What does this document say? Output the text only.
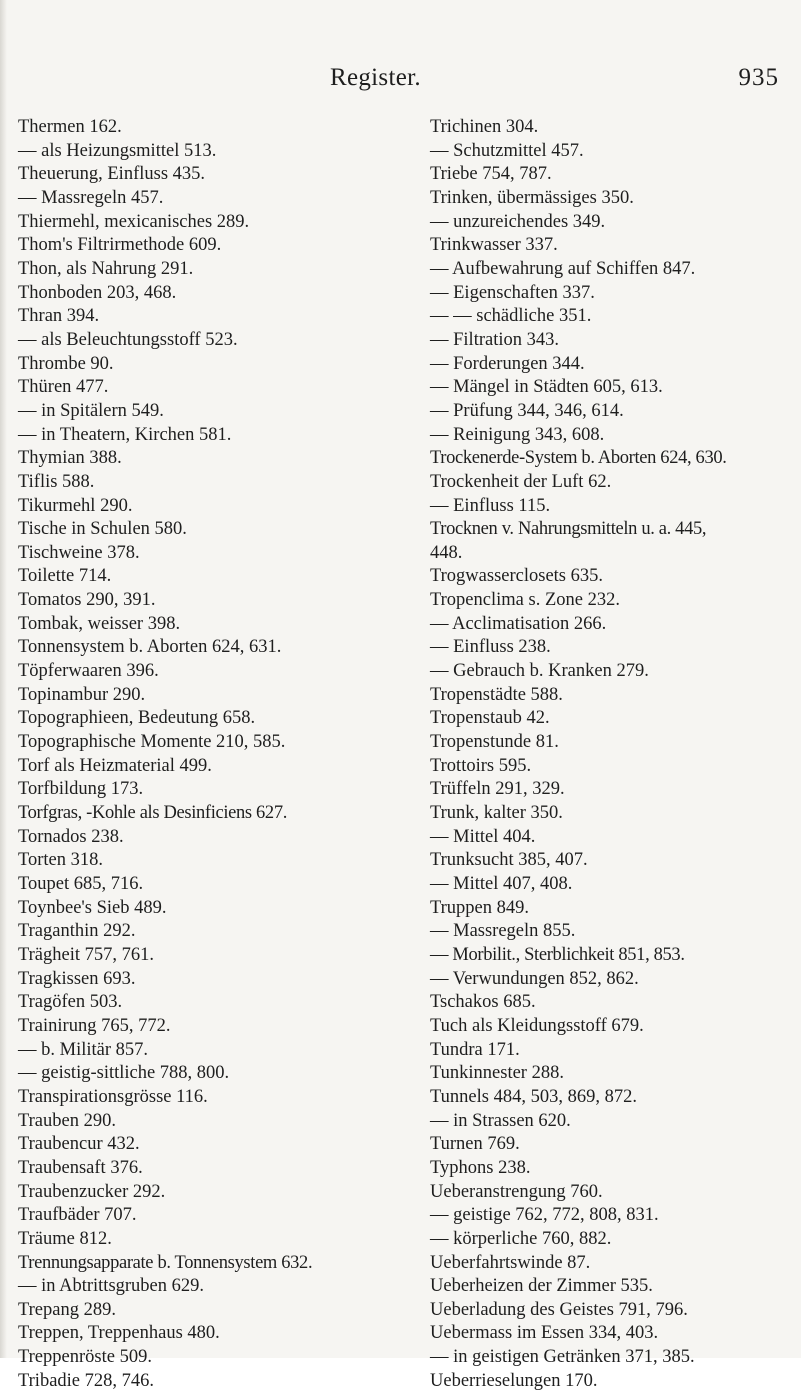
Register.	935
Thermen 162.
— als Heizungsmittel 513.
Theuerung, Einfluss 435.
— Massregeln 457.
Thiermehl, mexicanisches 289.
Thom's Filtrirmethode 609.
Thon, als Nahrung 291.
Thonboden 203, 468.
Thran 394.
— als Beleuchtungsstoff 523.
Thrombe 90.
Thüren 477.
— in Spitälern 549.
— in Theatern, Kirchen 581.
Thymian 388.
Tiflis 588.
Tikurmehl 290.
Tische in Schulen 580.
Tischweine 378.
Toilette 714.
Tomatos 290, 391.
Tombak, weisser 398.
Tonnensystem b. Aborten 624, 631.
Töpferwaaren 396.
Topinambur 290.
Topographieen, Bedeutung 658.
Topographische Momente 210, 585.
Torf als Heizmaterial 499.
Torfbildung 173.
Torfgras, -Kohle als Desinficiens 627.
Tornados 238.
Torten 318.
Toupet 685, 716.
Toynbee's Sieb 489.
Traganthin 292.
Trägheit 757, 761.
Tragkissen 693.
Tragöfen 503.
Trainirung 765, 772.
— b. Militär 857.
— geistig-sittliche 788, 800.
Transpirationsgrösse 116.
Trauben 290.
Traubencur 432.
Traubensaft 376.
Traubenzucker 292.
Traufbäder 707.
Träume 812.
Trennungsapparate b. Tonnensystem 632.
— in Abtrittsgruben 629.
Trepang 289.
Treppen, Treppenhaus 480.
Treppenröste 509.
Tribadie 728, 746.
Trichinen 304.
— Schutzmittel 457.
Triebe 754, 787.
Trinken, übermässiges 350.
— unzureichendes 349.
Trinkwasser 337.
— Aufbewahrung auf Schiffen 847.
— Eigenschaften 337.
— — schädliche 351.
— Filtration 343.
— Forderungen 344.
— Mängel in Städten 605, 613.
— Prüfung 344, 346, 614.
— Reinigung 343, 608.
Trockenerde-System b. Aborten 624, 630.
Trockenheit der Luft 62.
— Einfluss 115.
Trocknen v. Nahrungsmitteln u. a. 445,
448.
Trogwasserclosets 635.
Tropenclima s. Zone 232.
— Acclimatisation 266.
— Einfluss 238.
— Gebrauch b. Kranken 279.
Tropenstädte 588.
Tropenstaub 42.
Tropenstunde 81.
Trottoirs 595.
Trüffeln 291, 329.
Trunk, kalter 350.
— Mittel 404.
Trunksucht 385, 407.
— Mittel 407, 408.
Truppen 849.
— Massregeln 855.
— Morbilit., Sterblichkeit 851, 853.
— Verwundungen 852, 862.
Tschakos 685.
Tuch als Kleidungsstoff 679.
Tundra 171.
Tunkinnester 288.
Tunnels 484, 503, 869, 872.
— in Strassen 620.
Turnen 769.
Typhons 238.
Ueberanstrengung 760.
— geistige 762, 772, 808, 831.
— körperliche 760, 882.
Ueberfahrtswinde 87.
Ueberheizen der Zimmer 535.
Ueberladung des Geistes 791, 796.
Uebermass im Essen 334, 403.
— in geistigen Getränken 371, 385.
Ueberrieselungen 170.
